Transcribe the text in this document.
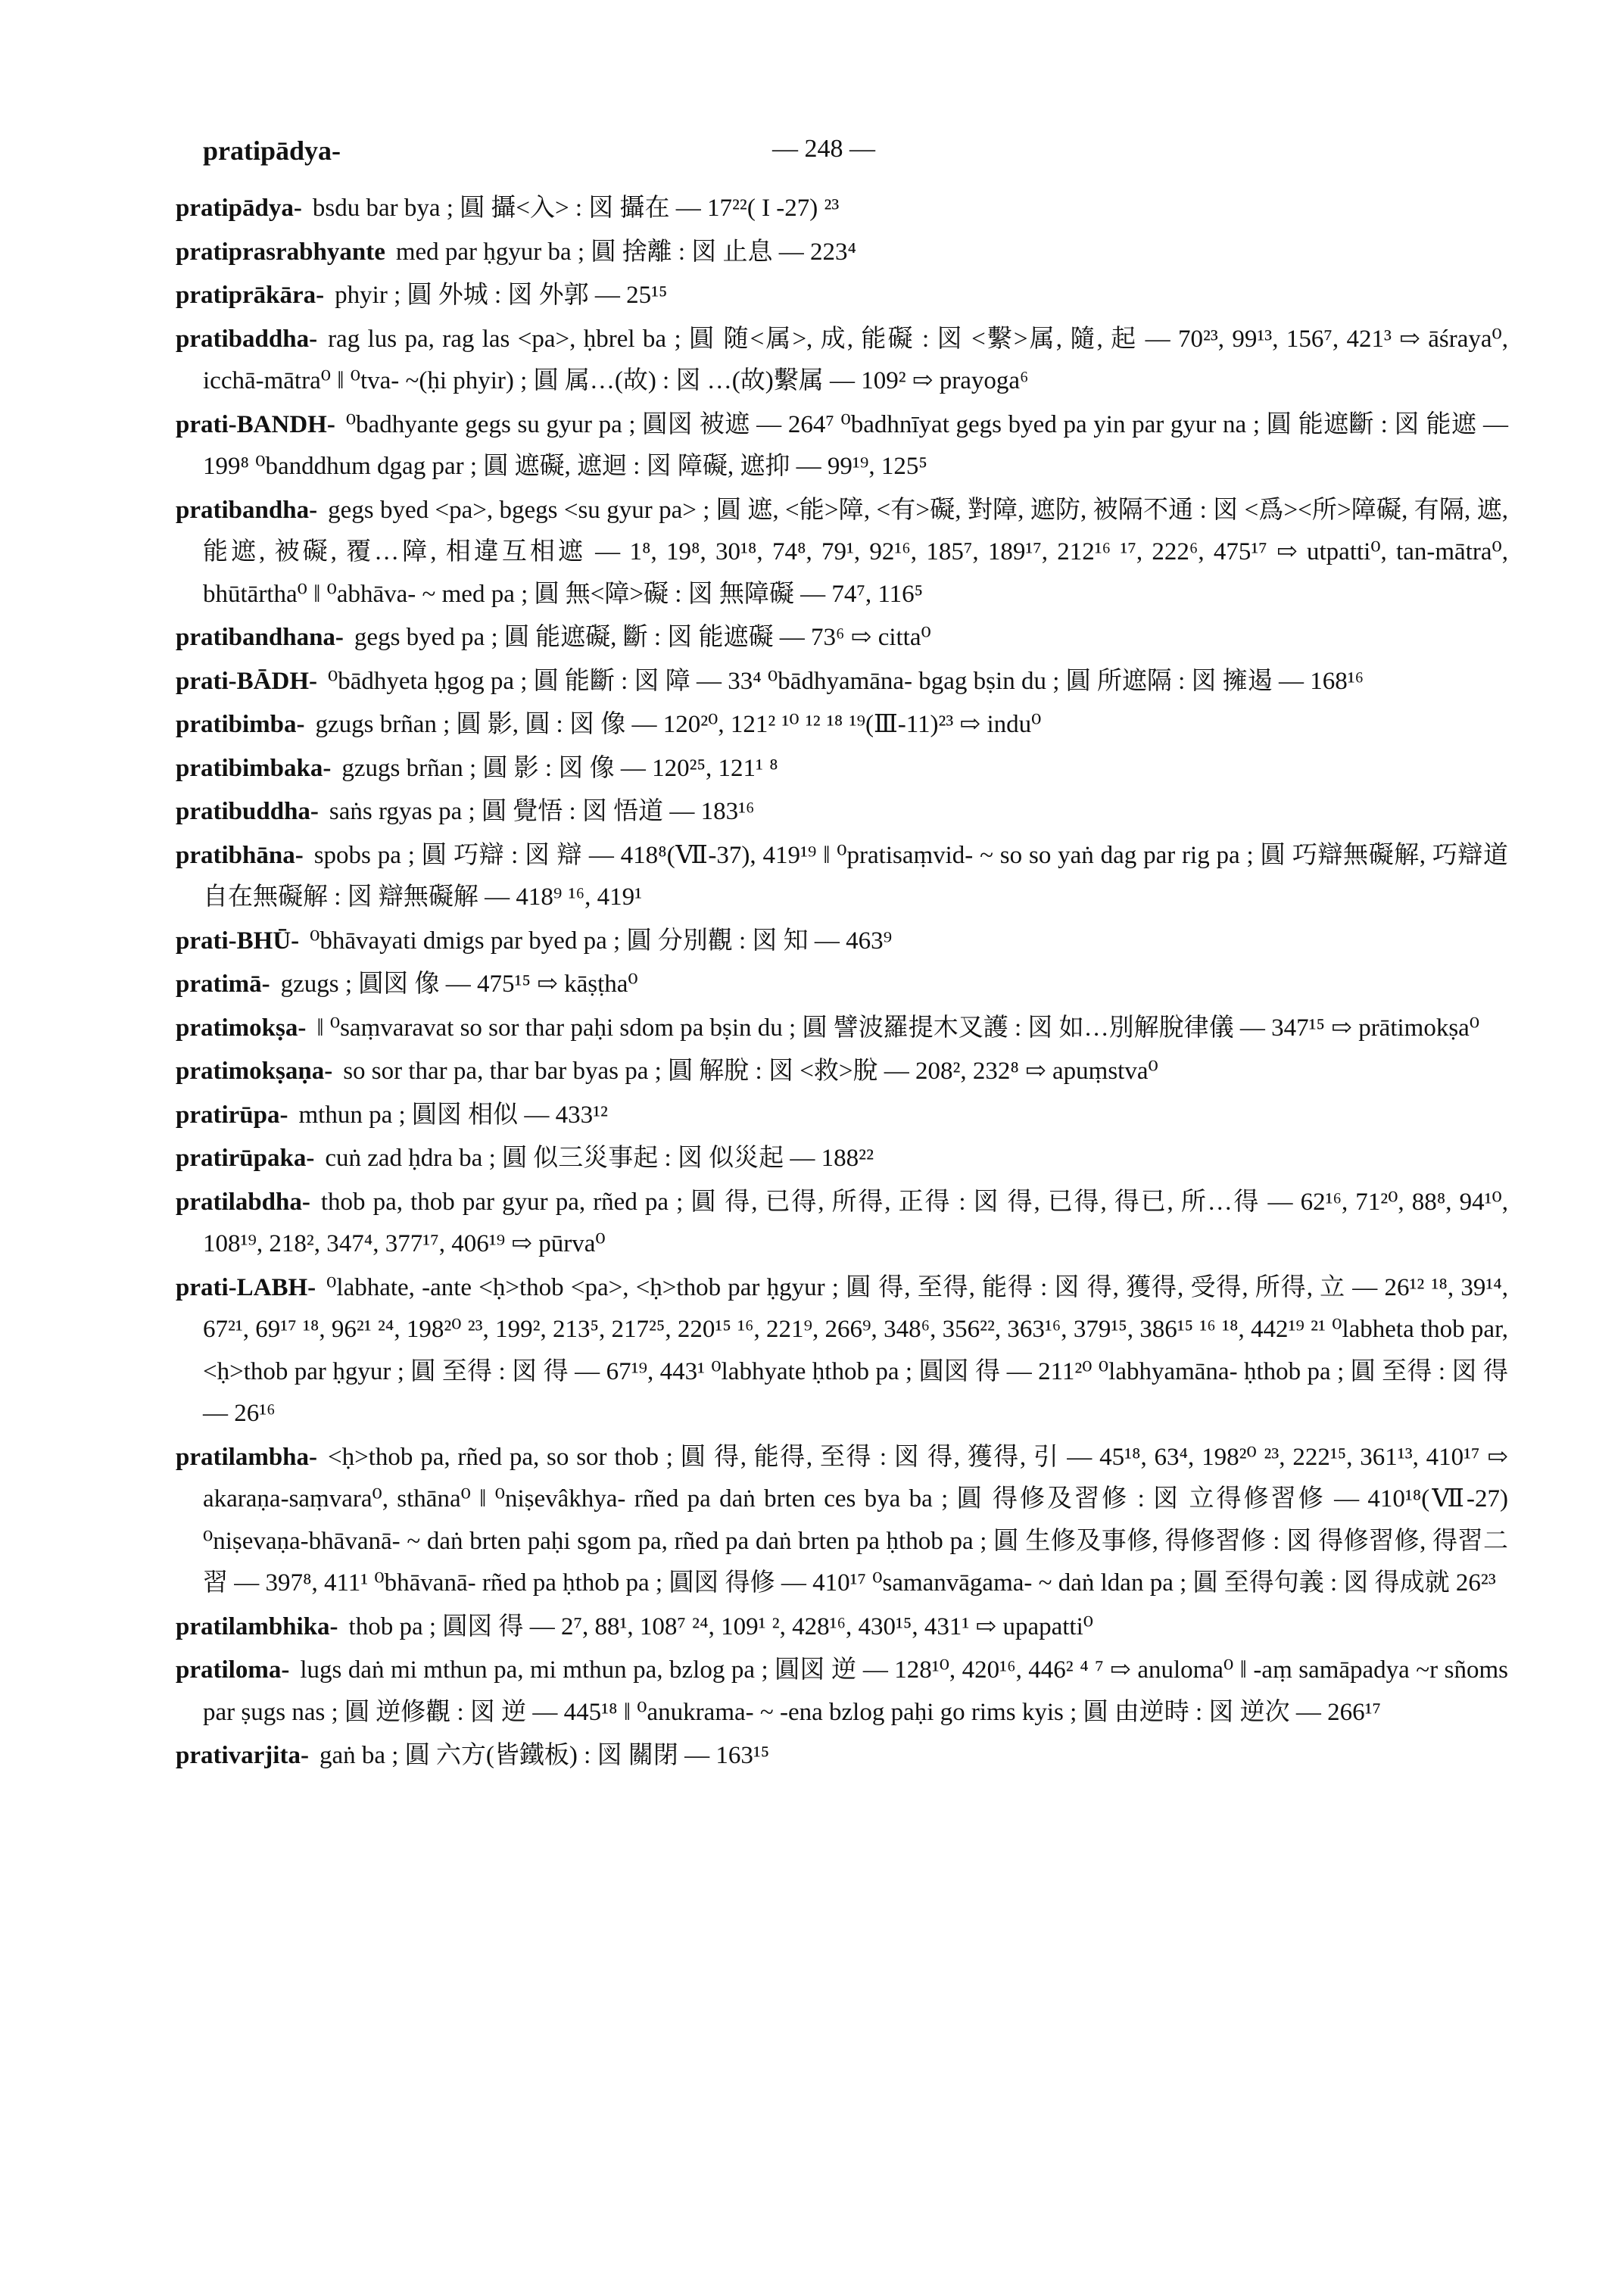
pratipādya-	— 248 —

pratipādya- bsdu bar bya ; 圓 攝<入> : 図 攝在 — 17²²( I -27) ²³

pratiprasrabhyante med par ḥgyur ba ; 圓 捨離 : 図 止息 — 223⁴

pratiprākāra- phyir ; 圓 外城 : 図 外郭 — 25¹⁵

pratibaddha- rag lus pa, rag las <pa>, ḥbrel ba ; 圓 随<属>, 成, 能礙 : 図 <繫>属, 隨, 起 — 70²³, 99¹³, 156⁷, 421³ ⇨ āśraya⁰, icchā-mātra⁰ ‖ ⁰tva- ~(ḥi phyir) ; 圓 属…(故) : 図 …(故)繫属 — 109² ⇨ prayoga⁶

prati-BANDH- ⁰badhyante gegs su gyur pa ; 圓図 被遮 — 264⁷ ⁰badhnīyat gegs byed pa yin par gyur na ; 圓 能遮斷 : 図 能遮 — 199⁸ ⁰banddhum dgag par ; 圓 遮礙, 遮迴 : 図 障礙, 遮抑 — 99¹⁹, 125⁵

pratibandha- gegs byed <pa>, bgegs <su gyur pa> ; 圓 遮, <能>障, <有>礙, 對障, 遮防, 被隔不通 : 図 <爲><所>障礙, 有隔, 遮, 能遮, 被礙, 覆…障, 相違互相遮 — 1⁸, 19⁸, 30¹⁸, 74⁸, 79¹, 92¹⁶, 185⁷, 189¹⁷, 212¹⁶ ¹⁷, 222⁶, 475¹⁷ ⇨ utpatti⁰, tan-mātra⁰, bhūtārtha⁰ ‖ ⁰abhāva- ~ med pa ; 圓 無<障>礙 : 図 無障礙 — 74⁷, 116⁵

pratibandhana- gegs byed pa ; 圓 能遮礙, 斷 : 図 能遮礙 — 73⁶ ⇨ citta⁰

prati-BĀDH- ⁰bādhyeta ḥgog pa ; 圓 能斷 : 図 障 — 33⁴ ⁰bādhyamāna- bgag bṣin du ; 圓 所遮隔 : 図 擁遏 — 168¹⁶

pratibimba- gzugs brñan ; 圓 影, 圓 : 図 像 — 120²⁰, 121² ¹⁰ ¹² ¹⁸ ¹⁹(Ⅲ-11)²³ ⇨ indu⁰

pratibimbaka- gzugs brñan ; 圓 影 : 図 像 — 120²⁵, 121¹ ⁸

pratibuddha- saṅs rgyas pa ; 圓 覺悟 : 図 悟道 — 183¹⁶

pratibhāna- spobs pa ; 圓 巧辯 : 図 辯 — 418⁸(Ⅶ-37), 419¹⁹ ‖ ⁰pratisaṃvid- ~ so so yaṅ dag par rig pa ; 圓 巧辯無礙解, 巧辯道自在無礙解 : 図 辯無礙解 — 418⁹ ¹⁶, 419¹

prati-BHŪ- ⁰bhāvayati dmigs par byed pa ; 圓 分別觀 : 図 知 — 463⁹

pratimā- gzugs ; 圓図 像 — 475¹⁵ ⇨ kāṣṭha⁰

pratimokṣa- ‖ ⁰saṃvaravat so sor thar paḥi sdom pa bṣin du ; 圓 譬波羅提木叉護 : 図 如…別解脫律儀 — 347¹⁵ ⇨ prātimokṣa⁰

pratimokṣaṇa- so sor thar pa, thar bar byas pa ; 圓 解脫 : 図 <救>脫 — 208², 232⁸ ⇨ apuṃstva⁰

pratirūpa- mthun pa ; 圓図 相似 — 433¹²

pratirūpaka- cuṅ zad ḥdra ba ; 圓 似三災事起 : 図 似災起 — 188²²

pratilabdha- thob pa, thob par gyur pa, rñed pa ; 圓 得, 已得, 所得, 正得 : 図 得, 已得, 得已, 所…得 — 62¹⁶, 71²⁰, 88⁸, 94¹⁰, 108¹⁹, 218², 347⁴, 377¹⁷, 406¹⁹ ⇨ pūrva⁰

prati-LABH- ⁰labhate, -ante <ḥ>thob <pa>, <ḥ>thob par ḥgyur ; 圓 得, 至得, 能得 : 図 得, 獲得, 受得, 所得, 立 — 26¹² ¹⁸, 39¹⁴, 67²¹, 69¹⁷ ¹⁸, 96²¹ ²⁴, 198²⁰ ²³, 199², 213⁵, 217²⁵, 220¹⁵ ¹⁶, 221⁹, 266⁹, 348⁶, 356²², 363¹⁶, 379¹⁵, 386¹⁵ ¹⁶ ¹⁸, 442¹⁹ ²¹ ⁰labheta thob par, <ḥ>thob par ḥgyur ; 圓 至得 : 図 得 — 67¹⁹, 443¹ ⁰labhyate ḥthob pa ; 圓図 得 — 211²⁰ ⁰labhyamāna- ḥthob pa ; 圓 至得 : 図 得 — 26¹⁶

pratilambha- <ḥ>thob pa, rñed pa, so sor thob ; 圓 得, 能得, 至得 : 図 得, 獲得, 引 — 45¹⁸, 63⁴, 198²⁰ ²³, 222¹⁵, 361¹³, 410¹⁷ ⇨ akaraṇa-saṃvara⁰, sthāna⁰ ‖ ⁰niṣevâkhya- rñed pa daṅ brten ces bya ba ; 圓 得修及習修 : 図 立得修習修 — 410¹⁸(Ⅶ-27) ⁰niṣevaṇa-bhāvanā- ~ daṅ brten paḥi sgom pa, rñed pa daṅ brten pa ḥthob pa ; 圓 生修及事修, 得修習修 : 図 得修習修, 得習二習 — 397⁸, 411¹ ⁰bhāvanā- rñed pa ḥthob pa ; 圓図 得修 — 410¹⁷ ⁰samanvāgama- ~ daṅ ldan pa ; 圓 至得句義 : 図 得成就 26²³

pratilambhika- thob pa ; 圓図 得 — 2⁷, 88¹, 108⁷ ²⁴, 109¹ ², 428¹⁶, 430¹⁵, 431¹ ⇨ upapatti⁰

pratiloma- lugs daṅ mi mthun pa, mi mthun pa, bzlog pa ; 圓図 逆 — 128¹⁰, 420¹⁶, 446² ⁴ ⁷ ⇨ anuloma⁰ ‖ -aṃ samāpadya ~r sñoms par ṣugs nas ; 圓 逆修觀 : 図 逆 — 445¹⁸ ‖ ⁰anukrama- ~ -ena bzlog paḥi go rims kyis ; 圓 由逆時 : 図 逆次 — 266¹⁷

prativarjita- gaṅ ba ; 圓 六方(皆鐵板) : 図 關閉 — 163¹⁵
